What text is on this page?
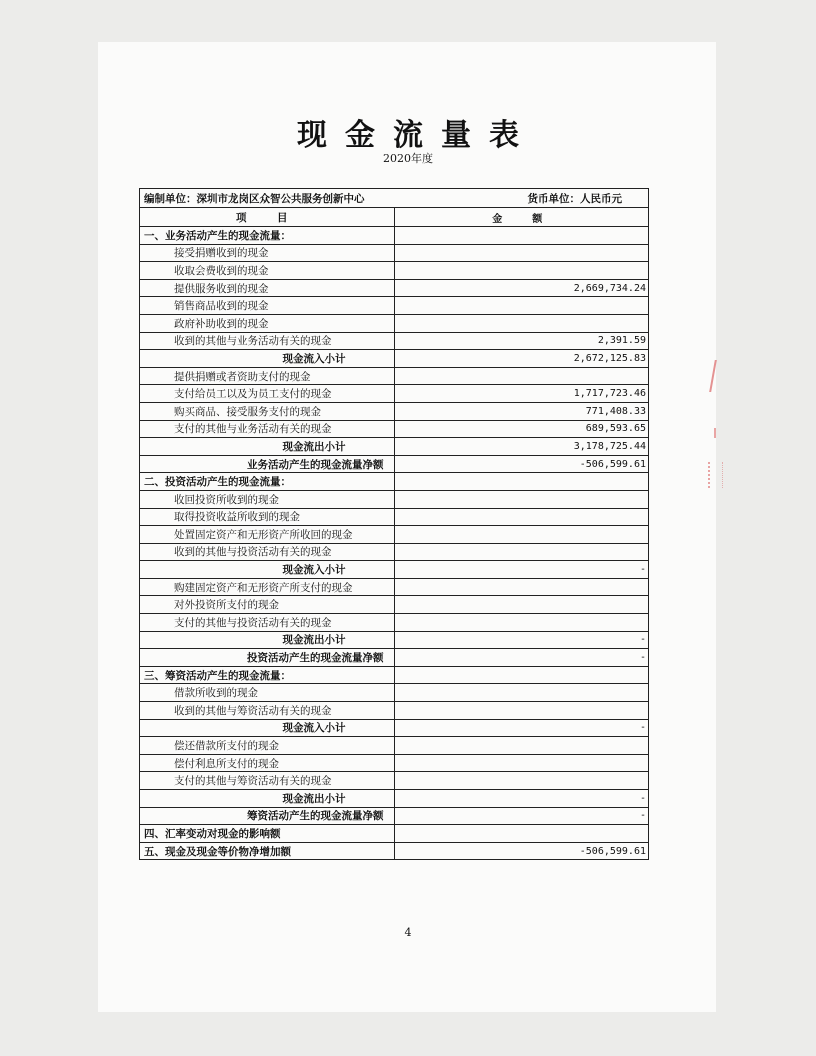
现金流量表
2020年度
编制单位：深圳市龙岗区众智公共服务创新中心 货币单位：人民币元	

项　目	金　额
一、业务活动产生的现金流量：	
接受捐赠收到的现金	
收取会费收到的现金	
提供服务收到的现金	2,669,734.24
销售商品收到的现金	
政府补助收到的现金	
收到的其他与业务活动有关的现金	2,391.59
现金流入小计	2,672,125.83
提供捐赠或者资助支付的现金	
支付给员工以及为员工支付的现金	1,717,723.46
购买商品、接受服务支付的现金	771,408.33
支付的其他与业务活动有关的现金	689,593.65
现金流出小计	3,178,725.44
业务活动产生的现金流量净额	-506,599.61
二、投资活动产生的现金流量：	
收回投资所收到的现金	
取得投资收益所收到的现金	
处置固定资产和无形资产所收回的现金	
收到的其他与投资活动有关的现金	
现金流入小计	-
购建固定资产和无形资产所支付的现金	
对外投资所支付的现金	
支付的其他与投资活动有关的现金	
现金流出小计	-
投资活动产生的现金流量净额	-
三、筹资活动产生的现金流量：	
借款所收到的现金	
收到的其他与筹资活动有关的现金	
现金流入小计	-
偿还借款所支付的现金	
偿付利息所支付的现金	
支付的其他与筹资活动有关的现金	
现金流出小计	-
筹资活动产生的现金流量净额	-
四、汇率变动对现金的影响额	
五、现金及现金等价物净增加额	-506,599.61
4
